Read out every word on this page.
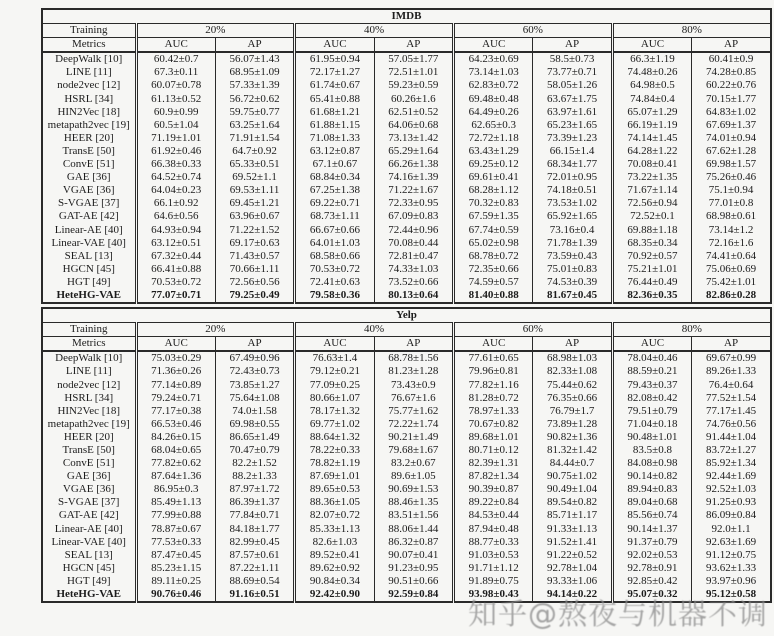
IMDB								
Training	20%		40%		60%		80%	
Metrics	AUC	AP	AUC	AP	AUC	AP	AUC	AP
DeepWalk [10]	60.42±0.7	56.07±1.43	61.95±0.94	57.05±1.77	64.23±0.69	58.5±0.73	66.3±1.19	60.41±0.9
LINE [11]	67.3±0.11	68.95±1.09	72.17±1.27	72.51±1.01	73.14±1.03	73.77±0.71	74.48±0.26	74.28±0.85
node2vec [12]	60.07±0.78	57.33±1.39	61.74±0.67	59.23±0.59	62.83±0.72	58.05±1.26	64.98±0.5	60.22±0.76
HSRL [34]	61.13±0.52	56.72±0.62	65.41±0.88	60.26±1.6	69.48±0.48	63.67±1.75	74.84±0.4	70.15±1.77
HIN2Vec [18]	60.9±0.99	59.75±0.77	61.68±1.21	62.51±0.52	64.49±0.26	63.97±1.61	65.07±1.29	64.83±1.02
metapath2vec [19]	60.5±1.04	63.25±1.64	61.88±1.15	64.06±0.68	62.65±0.3	65.23±1.65	66.19±1.19	67.69±1.37
HEER [20]	71.19±1.01	71.91±1.54	71.08±1.33	73.13±1.42	72.72±1.18	73.39±1.23	74.14±1.45	74.01±0.94
TransE [50]	61.92±0.46	64.7±0.92	63.12±0.87	65.29±1.64	63.43±1.29	66.15±1.4	64.28±1.22	67.62±1.28
ConvE [51]	66.38±0.33	65.33±0.51	67.1±0.67	66.26±1.38	69.25±0.12	68.34±1.77	70.08±0.41	69.98±1.57
GAE [36]	64.52±0.74	69.52±1.1	68.84±0.34	74.16±1.39	69.61±0.41	72.01±0.95	73.22±1.35	75.26±0.46
VGAE [36]	64.04±0.23	69.53±1.11	67.25±1.38	71.22±1.67	68.28±1.12	74.18±0.51	71.67±1.14	75.1±0.94
S-VGAE [37]	66.1±0.92	69.45±1.21	69.22±0.71	72.33±0.95	70.32±0.83	73.53±1.02	72.56±0.94	77.01±0.8
GAT-AE [42]	64.6±0.56	63.96±0.67	68.73±1.11	67.09±0.83	67.59±1.35	65.92±1.65	72.52±0.1	68.98±0.61
Linear-AE [40]	64.93±0.94	71.22±1.52	66.67±0.66	72.44±0.96	67.74±0.59	73.16±0.4	69.88±1.18	73.14±1.2
Linear-VAE [40]	63.12±0.51	69.17±0.63	64.01±1.03	70.08±0.44	65.02±0.98	71.78±1.39	68.35±0.34	72.16±1.6
SEAL [13]	67.32±0.44	71.43±0.57	68.58±0.66	72.81±0.47	68.78±0.72	73.59±0.43	70.92±0.57	74.41±0.64
HGCN [45]	66.41±0.88	70.66±1.11	70.53±0.72	74.33±1.03	72.35±0.66	75.01±0.83	75.21±1.01	75.06±0.69
HGT [49]	70.53±0.72	72.56±0.56	72.41±0.63	73.52±0.66	74.59±0.57	74.53±0.39	76.44±0.49	75.42±1.01
HeteHG-VAE	77.07±0.71	79.25±0.49	79.58±0.36	80.13±0.64	81.40±0.88	81.67±0.45	82.36±0.35	82.86±0.28
Yelp								
Training	20%		40%		60%		80%	
Metrics	AUC	AP	AUC	AP	AUC	AP	AUC	AP
DeepWalk [10]	75.03±0.29	67.49±0.96	76.63±1.4	68.78±1.56	77.61±0.65	68.98±1.03	78.04±0.46	69.67±0.99
LINE [11]	71.36±0.26	72.43±0.73	79.12±0.21	81.23±1.28	79.96±0.81	82.33±1.08	88.59±0.21	89.26±1.33
node2vec [12]	77.14±0.89	73.85±1.27	77.09±0.25	73.43±0.9	77.82±1.16	75.44±0.62	79.43±0.37	76.4±0.64
HSRL [34]	79.24±0.71	75.64±1.08	80.66±1.07	76.67±1.6	81.28±0.72	76.35±0.66	82.08±0.42	77.52±1.54
HIN2Vec [18]	77.17±0.38	74.0±1.58	78.17±1.32	75.77±1.62	78.97±1.33	76.79±1.7	79.51±0.79	77.17±1.45
metapath2vec [19]	66.53±0.46	69.98±0.55	69.77±1.02	72.22±1.74	70.67±0.82	73.89±1.28	71.04±0.18	74.76±0.56
HEER [20]	84.26±0.15	86.65±1.49	88.64±1.32	90.21±1.49	89.68±1.01	90.82±1.36	90.48±1.01	91.44±1.04
TransE [50]	68.04±0.65	70.47±0.79	78.22±0.33	79.68±1.67	80.71±0.12	81.32±1.42	83.5±0.8	83.72±1.27
ConvE [51]	77.82±0.62	82.2±1.52	78.82±1.19	83.2±0.67	82.39±1.31	84.44±0.7	84.08±0.98	85.92±1.34
GAE [36]	87.64±1.36	88.2±1.33	87.69±1.01	89.6±1.05	87.82±1.34	90.75±1.02	90.14±0.82	92.44±1.69
VGAE [36]	86.95±0.3	87.97±1.72	89.65±0.53	90.69±1.53	90.39±0.87	90.49±1.04	89.94±0.83	92.52±1.03
S-VGAE [37]	85.49±1.13	86.39±1.37	88.36±1.05	88.46±1.35	89.22±0.84	89.54±0.82	89.04±0.68	91.25±0.93
GAT-AE [42]	77.99±0.88	77.84±0.71	82.07±0.72	83.51±1.56	84.53±0.44	85.71±1.17	85.56±0.74	86.09±0.84
Linear-AE [40]	78.87±0.67	84.18±1.77	85.33±1.13	88.06±1.44	87.94±0.48	91.33±1.13	90.14±1.37	92.0±1.1
Linear-VAE [40]	77.53±0.33	82.99±0.45	82.6±1.03	86.32±0.87	88.77±0.33	91.52±1.41	91.37±0.79	92.63±1.69
SEAL [13]	87.47±0.45	87.57±0.61	89.52±0.41	90.07±0.41	91.03±0.53	91.22±0.52	92.02±0.53	91.12±0.75
HGCN [45]	85.23±1.15	87.22±1.11	89.62±0.92	91.23±0.95	91.71±1.12	92.78±1.04	92.78±0.91	93.62±1.33
HGT [49]	89.11±0.25	88.69±0.54	90.84±0.34	90.51±0.66	91.89±0.75	93.33±1.06	92.85±0.42	93.97±0.96
HeteHG-VAE	90.76±0.46	91.16±0.51	92.42±0.90	92.59±0.84	93.98±0.43	94.14±0.22	95.07±0.32	95.12±0.58
知乎@熬夜与机器不调
